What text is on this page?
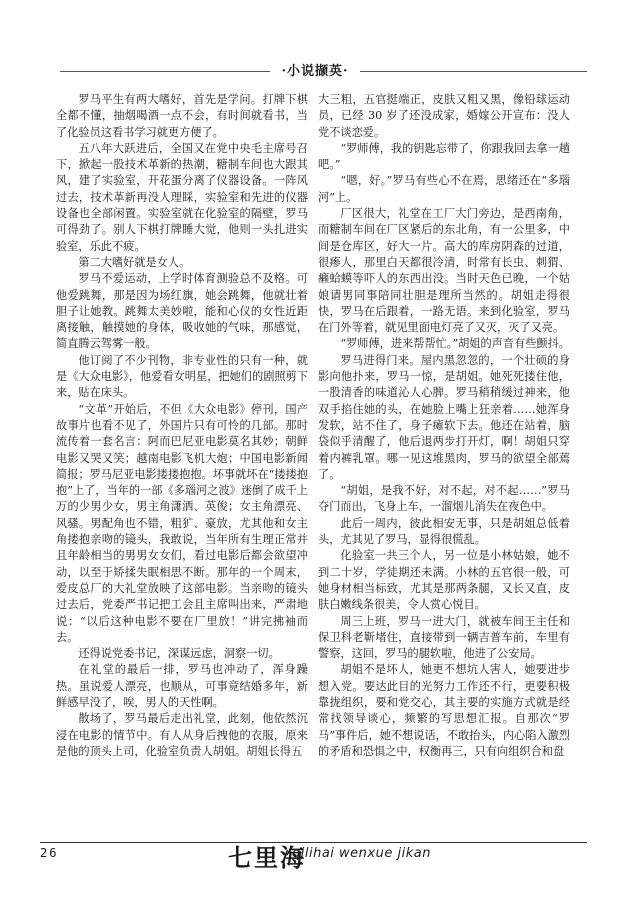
·小说撷英·

罗马平生有两大嗜好，首先是学问。打牌下棋全都不懂，抽烟喝酒一点不会，有时间就看书，当了化验员这看书学习就更方便了。

五八年大跃进后，全国又在党中央毛主席号召下，掀起一股技术革新的热潮，糖制车间也大跟其风，建了实验室，开花蛋分离了仪器设备。一阵风过去，技术革新再没人理睬，实验室和先进的仪器设备也全部闲置。实验室就在化验室的隔壁，罗马可得劲了。别人下棋打牌睡大觉，他则一头扎进实验室，乐此不疲。

第二大嗜好就是女人。

罗马不爱运动，上学时体育测验总不及格。可他爱跳舞，那是因为场红旗，她会跳舞，他就壮着胆子让她教。跳舞太美妙啦，能和心仪的女性近距离接触，触摸她的身体，吸收她的气味，那感觉，简直腾云驾雾一般。

他订阅了不少刊物，非专业性的只有一种，就是《大众电影》，他爱看女明星，把她们的剧照剪下来，贴在床头。

“文革”开始后，不但《大众电影》停刊，国产故事片也看不见了，外国片只有可怜的几部。那时流传着一套名言：阿而巴尼亚电影莫名其妙；朝鲜电影又哭又笑；越南电影飞机大炮；中国电影新闻简报；罗马尼亚电影搂搂抱抱。坏事就坏在“搂搂抱抱”上了，当年的一部《多瑙河之波》迷倒了成千上万的少男少女，男主角潇洒、英俊；女主角漂亮、风骚。男配角也不错，粗犷、豪放，尤其他和女主角搂抱亲吻的镜头，我敢说，当年所有生理正常并且年龄相当的男男女女们，看过电影后都会欲望冲动，以至于矫揉失眠相思不断。那年的一个周末，爱皮总厂的大礼堂放映了这部电影。当亲吻的镜头过去后，党委严书记把工会且主席叫出来，严肃地说：“以后这种电影不要在厂里放！”讲完拂袖而去。

还得说党委书记，深谋远虑，洞察一切。

在礼堂的最后一排，罗马也冲动了，浑身躁热。虽说爱人漂亮，也顺从，可事竟结婚多年，新鲜感早没了，唉，男人的天性啊。

散场了，罗马最后走出礼堂，此刻，他依然沉浸在电影的情节中。有人从身后拽他的衣服，原来是他的顶头上司，化验室负责人胡姐。胡姐长得五

大三粗，五官挺端正，皮肤又粗又黑，像铅球运动员，已经 30 岁了还没成家，婚嫁公开宣布：没人党不谈恋爱。

“罗师傅，我的钥匙忘带了，你跟我回去拿一趟吧。”

“嗯，好。”罗马有些心不在焉，思绪还在“多瑙河”上。

厂区很大，礼堂在工厂大门旁边，是西南角，而糖制车间在厂区紧后的东北角，有一公里多，中间是仓库区，好大一片。高大的库房阴森的过道，很瘆人，那里白天都很冷清，时常有长虫、刺猬、癞蛤蟆等吓人的东西出没。当时天色已晚，一个姑娘请男同事陪同壮胆是理所当然的。胡姐走得很快，罗马在后跟着，一路无语。来到化验室，罗马在门外等着，就见里面电灯亮了又灭，灭了又亮。

“罗师傅，进来帮帮忙。”胡姐的声音有些颤抖。

罗马进得门来。屋内黑忽忽的，一个壮硕的身影向他扑来，罗马一惊，是胡姐。她死死搂住他，一股清香的味道沁人心脾。罗马稍稍缓过神来，他双手掐住她的头，在她脸上嘴上狂亲着……她浑身发软，站不住了，身子瘫软下去。他还在站着，脑袋似乎清醒了，他后退两步打开灯，啊！胡姐只穿着内裤乳罩。哪一见这堆黑肉，罗马的欲望全部蔫了。

“胡姐，是我不好，对不起，对不起……”罗马夺门而出，飞身上车，一溜烟儿消失在夜色中。

此后一周内，彼此相安无事，只是胡姐总低着头，尤其见了罗马，显得很慌乱。

化验室一共三个人，另一位是小林姑娘，她不到二十岁，学徒期还未满。小林的五官很一般，可她身材相当标致，尤其是那两条腿，又长又直，皮肤白嫩线条很美，令人赏心悦目。

周三上班，罗马一进大门，就被车间王主任和保卫科老靳堵住，直接带到一辆吉普车前，车里有警察，这回，罗马的腿软啦，他进了公安局。

胡姐不是坏人，她更不想坑人害人，她要进步想入党。要达此目的光努力工作还不行，更要积极靠拢组织，要和党交心，其主要的实施方式就是经常找领导谈心，频繁的写思想汇报。自那次“罗马”事件后，她不想说话，不敢抬头，内心陷入激烈的矛盾和恐惧之中，权衡再三，只有向组织合和盘

26	七里海
qilihai wenxue jikan
